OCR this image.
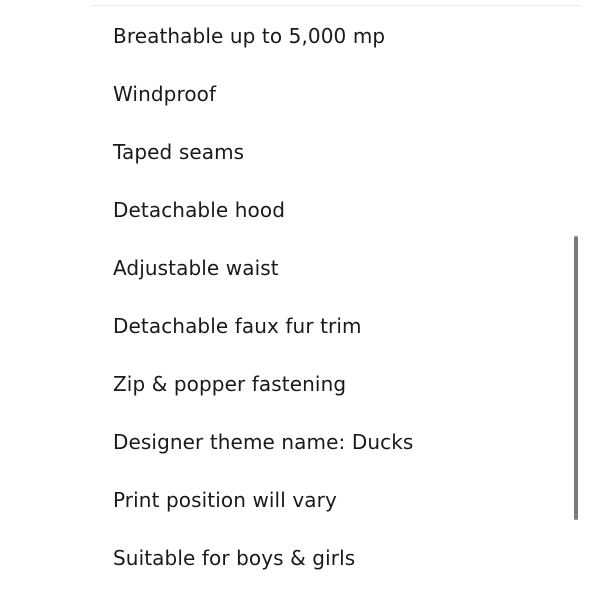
Breathable up to 5,000 mp
Windproof
Taped seams
Detachable hood
Adjustable waist
Detachable faux fur trim
Zip & popper fastening
Designer theme name: Ducks
Print position will vary
Suitable for boys & girls
